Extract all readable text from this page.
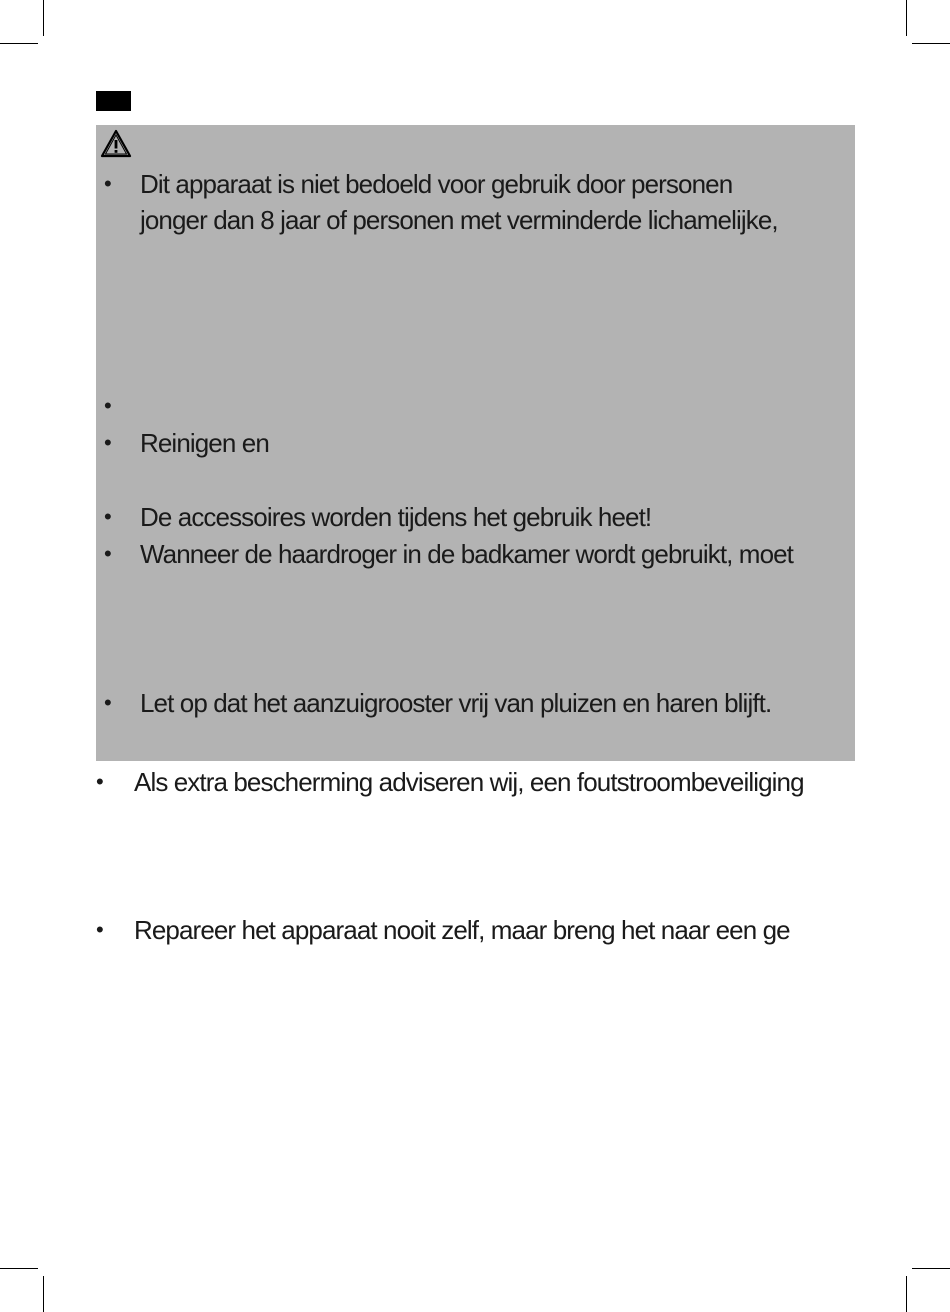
• Dit apparaat is niet bedoeld voor gebruik door personen
jonger dan 8 jaar of personen met verminderde lichamelijke,
•
• Reinigen en
• De accessoires worden tijdens het gebruik heet!
• Wanneer de haardroger in de badkamer wordt gebruikt, moet
• Let op dat het aanzuigrooster vrij van pluizen en haren blijft.
• Als extra bescherming adviseren wij, een foutstroombeveiliging
• Repareer het apparaat nooit zelf, maar breng het naar een ge
